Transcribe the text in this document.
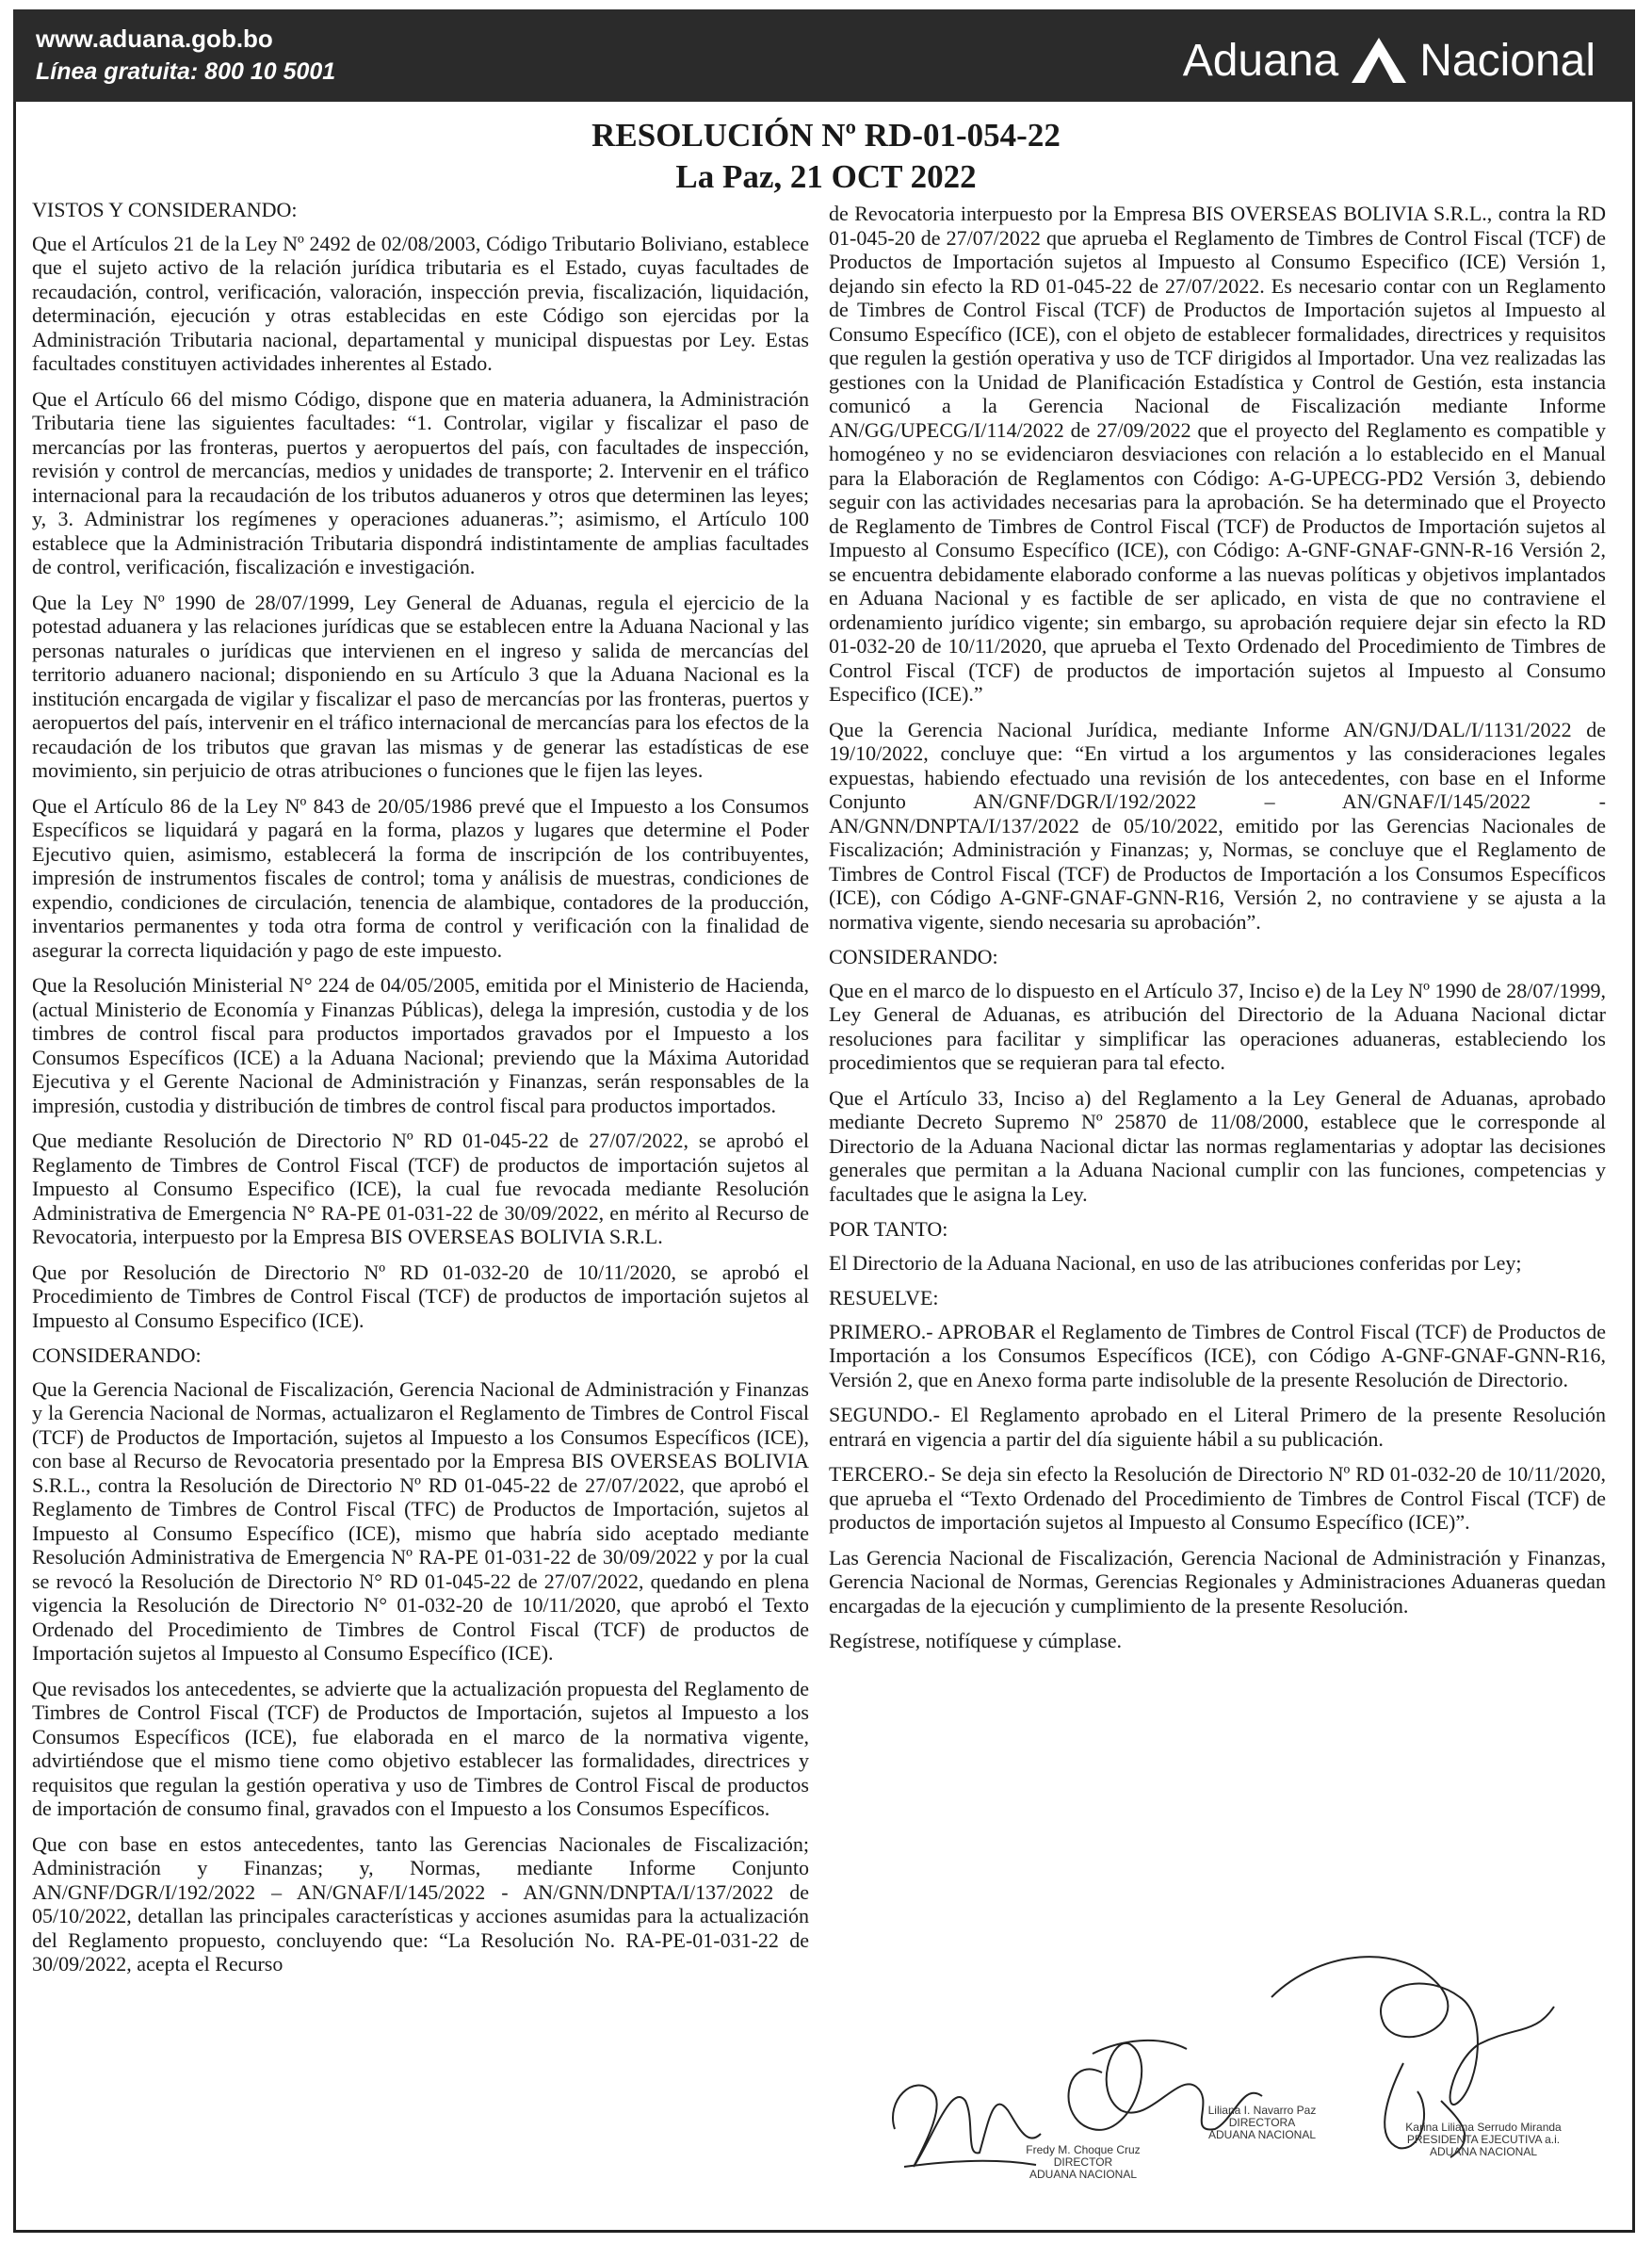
www.aduana.gob.bo
Línea gratuita: 800 10 5001	Aduana Nacional
RESOLUCIÓN Nº RD-01-054-22
La Paz, 21 OCT 2022

VISTOS Y CONSIDERANDO:

Que el Artículos 21 de la Ley Nº 2492 de 02/08/2003, Código Tributario Boliviano, establece que el sujeto activo de la relación jurídica tributaria es el Estado, cuyas facultades de recaudación, control, verificación, valoración, inspección previa, fiscalización, liquidación, determinación, ejecución y otras establecidas en este Código son ejercidas por la Administración Tributaria nacional, departamental y municipal dispuestas por Ley. Estas facultades constituyen actividades inherentes al Estado.

Que el Artículo 66 del mismo Código, dispone que en materia aduanera, la Administración Tributaria tiene las siguientes facultades: “1. Controlar, vigilar y fiscalizar el paso de mercancías por las fronteras, puertos y aeropuertos del país, con facultades de inspección, revisión y control de mercancías, medios y unidades de transporte; 2. Intervenir en el tráfico internacional para la recaudación de los tributos aduaneros y otros que determinen las leyes; y, 3. Administrar los regímenes y operaciones aduaneras.”; asimismo, el Artículo 100 establece que la Administración Tributaria dispondrá indistintamente de amplias facultades de control, verificación, fiscalización e investigación.

Que la Ley Nº 1990 de 28/07/1999, Ley General de Aduanas, regula el ejercicio de la potestad aduanera y las relaciones jurídicas que se establecen entre la Aduana Nacional y las personas naturales o jurídicas que intervienen en el ingreso y salida de mercancías del territorio aduanero nacional; disponiendo en su Artículo 3 que la Aduana Nacional es la institución encargada de vigilar y fiscalizar el paso de mercancías por las fronteras, puertos y aeropuertos del país, intervenir en el tráfico internacional de mercancías para los efectos de la recaudación de los tributos que gravan las mismas y de generar las estadísticas de ese movimiento, sin perjuicio de otras atribuciones o funciones que le fijen las leyes.

Que el Artículo 86 de la Ley Nº 843 de 20/05/1986 prevé que el Impuesto a los Consumos Específicos se liquidará y pagará en la forma, plazos y lugares que determine el Poder Ejecutivo quien, asimismo, establecerá la forma de inscripción de los contribuyentes, impresión de instrumentos fiscales de control; toma y análisis de muestras, condiciones de expendio, condiciones de circulación, tenencia de alambique, contadores de la producción, inventarios permanentes y toda otra forma de control y verificación con la finalidad de asegurar la correcta liquidación y pago de este impuesto.

Que la Resolución Ministerial N° 224 de 04/05/2005, emitida por el Ministerio de Hacienda, (actual Ministerio de Economía y Finanzas Públicas), delega la impresión, custodia y de los timbres de control fiscal para productos importados gravados por el Impuesto a los Consumos Específicos (ICE) a la Aduana Nacional; previendo que la Máxima Autoridad Ejecutiva y el Gerente Nacional de Administración y Finanzas, serán responsables de la impresión, custodia y distribución de timbres de control fiscal para productos importados.

Que mediante Resolución de Directorio Nº RD 01-045-22 de 27/07/2022, se aprobó el Reglamento de Timbres de Control Fiscal (TCF) de productos de importación sujetos al Impuesto al Consumo Especifico (ICE), la cual fue revocada mediante Resolución Administrativa de Emergencia N° RA-PE 01-031-22 de 30/09/2022, en mérito al Recurso de Revocatoria, interpuesto por la Empresa BIS OVERSEAS BOLIVIA S.R.L.

Que por Resolución de Directorio Nº RD 01-032-20 de 10/11/2020, se aprobó el Procedimiento de Timbres de Control Fiscal (TCF) de productos de importación sujetos al Impuesto al Consumo Especifico (ICE).

CONSIDERANDO:

Que la Gerencia Nacional de Fiscalización, Gerencia Nacional de Administración y Finanzas y la Gerencia Nacional de Normas, actualizaron el Reglamento de Timbres de Control Fiscal (TCF) de Productos de Importación, sujetos al Impuesto a los Consumos Específicos (ICE), con base al Recurso de Revocatoria presentado por la Empresa BIS OVERSEAS BOLIVIA S.R.L., contra la Resolución de Directorio Nº RD 01-045-22 de 27/07/2022, que aprobó el Reglamento de Timbres de Control Fiscal (TFC) de Productos de Importación, sujetos al Impuesto al Consumo Específico (ICE), mismo que habría sido aceptado mediante Resolución Administrativa de Emergencia Nº RA-PE 01-031-22 de 30/09/2022 y por la cual se revocó la Resolución de Directorio N° RD 01-045-22 de 27/07/2022, quedando en plena vigencia la Resolución de Directorio N° 01-032-20 de 10/11/2020, que aprobó el Texto Ordenado del Procedimiento de Timbres de Control Fiscal (TCF) de productos de Importación sujetos al Impuesto al Consumo Específico (ICE).

Que revisados los antecedentes, se advierte que la actualización propuesta del Reglamento de Timbres de Control Fiscal (TCF) de Productos de Importación, sujetos al Impuesto a los Consumos Específicos (ICE), fue elaborada en el marco de la normativa vigente, advirtiéndose que el mismo tiene como objetivo establecer las formalidades, directrices y requisitos que regulan la gestión operativa y uso de Timbres de Control Fiscal de productos de importación de consumo final, gravados con el Impuesto a los Consumos Específicos.

Que con base en estos antecedentes, tanto las Gerencias Nacionales de Fiscalización; Administración y Finanzas; y, Normas, mediante Informe Conjunto AN/GNF/DGR/I/192/2022 – AN/GNAF/I/145/2022 - AN/GNN/DNPTA/I/137/2022 de 05/10/2022, detallan las principales características y acciones asumidas para la actualización del Reglamento propuesto, concluyendo que: “La Resolución No. RA-PE-01-031-22 de 30/09/2022, acepta el Recurso

de Revocatoria interpuesto por la Empresa BIS OVERSEAS BOLIVIA S.R.L., contra la RD 01-045-20 de 27/07/2022 que aprueba el Reglamento de Timbres de Control Fiscal (TCF) de Productos de Importación sujetos al Impuesto al Consumo Especifico (ICE) Versión 1, dejando sin efecto la RD 01-045-22 de 27/07/2022. Es necesario contar con un Reglamento de Timbres de Control Fiscal (TCF) de Productos de Importación sujetos al Impuesto al Consumo Específico (ICE), con el objeto de establecer formalidades, directrices y requisitos que regulen la gestión operativa y uso de TCF dirigidos al Importador. Una vez realizadas las gestiones con la Unidad de Planificación Estadística y Control de Gestión, esta instancia comunicó a la Gerencia Nacional de Fiscalización mediante Informe AN/GG/UPECG/I/114/2022 de 27/09/2022 que el proyecto del Reglamento es compatible y homogéneo y no se evidenciaron desviaciones con relación a lo establecido en el Manual para la Elaboración de Reglamentos con Código: A-G-UPECG-PD2 Versión 3, debiendo seguir con las actividades necesarias para la aprobación. Se ha determinado que el Proyecto de Reglamento de Timbres de Control Fiscal (TCF) de Productos de Importación sujetos al Impuesto al Consumo Específico (ICE), con Código: A-GNF-GNAF-GNN-R-16 Versión 2, se encuentra debidamente elaborado conforme a las nuevas políticas y objetivos implantados en Aduana Nacional y es factible de ser aplicado, en vista de que no contraviene el ordenamiento jurídico vigente; sin embargo, su aprobación requiere dejar sin efecto la RD 01-032-20 de 10/11/2020, que aprueba el Texto Ordenado del Procedimiento de Timbres de Control Fiscal (TCF) de productos de importación sujetos al Impuesto al Consumo Especifico (ICE).”

Que la Gerencia Nacional Jurídica, mediante Informe AN/GNJ/DAL/I/1131/2022 de 19/10/2022, concluye que: “En virtud a los argumentos y las consideraciones legales expuestas, habiendo efectuado una revisión de los antecedentes, con base en el Informe Conjunto AN/GNF/DGR/I/192/2022 – AN/GNAF/I/145/2022 - AN/GNN/DNPTA/I/137/2022 de 05/10/2022, emitido por las Gerencias Nacionales de Fiscalización; Administración y Finanzas; y, Normas, se concluye que el Reglamento de Timbres de Control Fiscal (TCF) de Productos de Importación a los Consumos Específicos (ICE), con Código A-GNF-GNAF-GNN-R16, Versión 2, no contraviene y se ajusta a la normativa vigente, siendo necesaria su aprobación”.

CONSIDERANDO:

Que en el marco de lo dispuesto en el Artículo 37, Inciso e) de la Ley Nº 1990 de 28/07/1999, Ley General de Aduanas, es atribución del Directorio de la Aduana Nacional dictar resoluciones para facilitar y simplificar las operaciones aduaneras, estableciendo los procedimientos que se requieran para tal efecto.

Que el Artículo 33, Inciso a) del Reglamento a la Ley General de Aduanas, aprobado mediante Decreto Supremo Nº 25870 de 11/08/2000, establece que le corresponde al Directorio de la Aduana Nacional dictar las normas reglamentarias y adoptar las decisiones generales que permitan a la Aduana Nacional cumplir con las funciones, competencias y facultades que le asigna la Ley.

POR TANTO:

El Directorio de la Aduana Nacional, en uso de las atribuciones conferidas por Ley;

RESUELVE:

PRIMERO.- APROBAR el Reglamento de Timbres de Control Fiscal (TCF) de Productos de Importación a los Consumos Específicos (ICE), con Código A-GNF-GNAF-GNN-R16, Versión 2, que en Anexo forma parte indisoluble de la presente Resolución de Directorio.

SEGUNDO.- El Reglamento aprobado en el Literal Primero de la presente Resolución entrará en vigencia a partir del día siguiente hábil a su publicación.

TERCERO.- Se deja sin efecto la Resolución de Directorio Nº RD 01-032-20 de 10/11/2020, que aprueba el “Texto Ordenado del Procedimiento de Timbres de Control Fiscal (TCF) de productos de importación sujetos al Impuesto al Consumo Específico (ICE)”.

Las Gerencia Nacional de Fiscalización, Gerencia Nacional de Administración y Finanzas, Gerencia Nacional de Normas, Gerencias Regionales y Administraciones Aduaneras quedan encargadas de la ejecución y cumplimiento de la presente Resolución.

Regístrese, notifíquese y cúmplase.

Fredy M. Choque Cruz
DIRECTOR
ADUANA NACIONAL
Liliana I. Navarro Paz
DIRECTORA
ADUANA NACIONAL
Karina Liliana Serrudo Miranda
PRESIDENTA EJECUTIVA a.i.
ADUANA NACIONAL
